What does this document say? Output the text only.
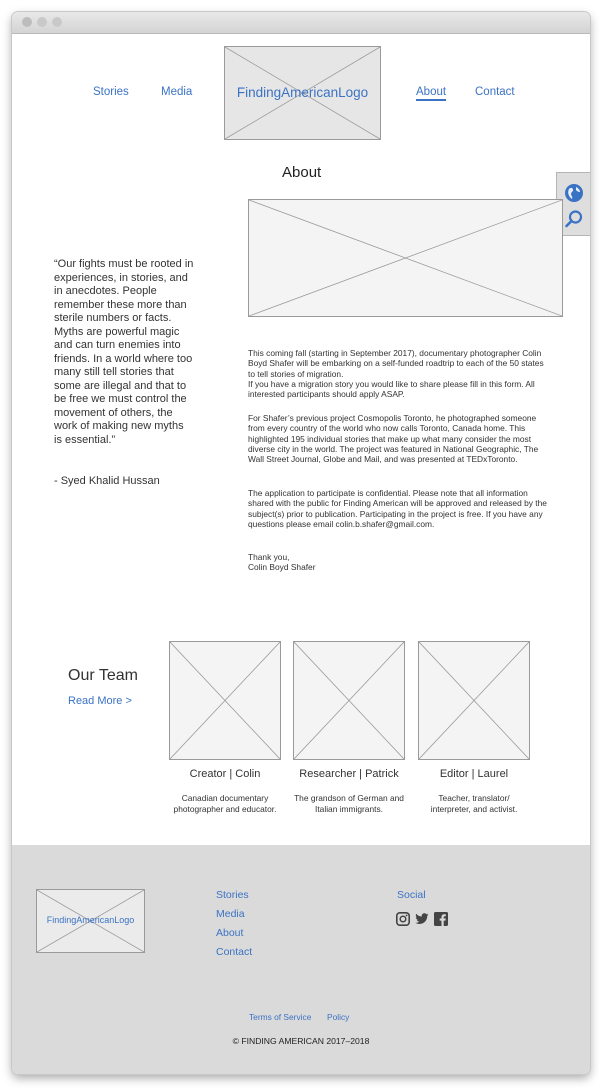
Stories	Media	FindingAmericanLogo	About	Contact
About

“Our fights must be rooted in experiences, in stories, and in anecdotes. People remember these more than sterile numbers or facts. Myths are powerful magic and can turn enemies into friends. In a world where too many still tell stories that some are illegal and that to be free we must control the movement of others, the work of making new myths is essential.”

- Syed Khalid Hussan

This coming fall (starting in September 2017), documentary photographer Colin Boyd Shafer will be embarking on a self-funded roadtrip to each of the 50 states to tell stories of migration.
If you have a migration story you would like to share please fill in this form. All interested participants should apply ASAP.

For Shafer’s previous project Cosmopolis Toronto, he photographed someone from every country of the world who now calls Toronto, Canada home. This highlighted 195 individual stories that make up what many consider the most diverse city in the world. The project was featured in National Geographic, The Wall Street Journal, Globe and Mail, and was presented at TEDxToronto.

The application to participate is confidential. Please note that all information shared with the public for Finding American will be approved and released by the subject(s) prior to publication. Participating in the project is free. If you have any questions please email colin.b.shafer@gmail.com.

Thank you,
Colin Boyd Shafer

Our Team
Read More >
Creator | Colin	Researcher | Patrick	Editor | Laurel
Canadian documentary photographer and educator.
The grandson of German and Italian immigrants.
Teacher, translator/ interpreter, and activist.
FindingAmericanLogo
Stories
Media
About
Contact
Social
Terms of Service Policy
© FINDING AMERICAN 2017–2018
